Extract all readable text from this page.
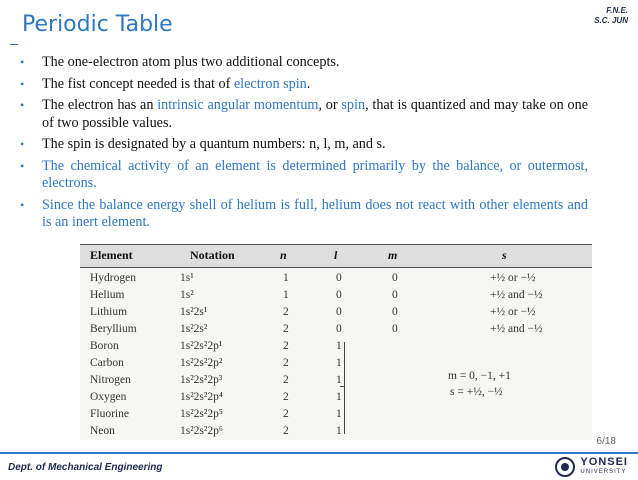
F.N.E.
S.C. JUN
Periodic Table
• The one-electron atom plus two additional concepts.
• The fist concept needed is that of electron spin.
• The electron has an intrinsic angular momentum, or spin, that is quantized and may take on one of two possible values.
• The spin is designated by a quantum numbers: n, l, m, and s.
• The chemical activity of an element is determined primarily by the balance, or outermost, electrons.
• Since the balance energy shell of helium is full, helium does not react with other elements and is an inert element.
Element	Notation	n	l	m	s
Hydrogen	1s¹	1	0	0	+½ or −½
Helium	1s²	1	0	0	+½ and −½
Lithium	1s²2s¹	2	0	0	+½ or −½
Beryllium	1s²2s²	2	0	0	+½ and −½
Boron	1s²2s²2p¹	2	1
Carbon	1s²2s²2p²	2	1
Nitrogen	1s²2s²2p³	2	1
Oxygen	1s²2s²2p⁴	2	1
Fluorine	1s²2s²2p⁵	2	1
Neon	1s²2s²2p⁶	2	1
m = 0, −1, +1
s = +½, −½
6/18
Dept. of Mechanical Engineering	YONSEI
UNIVERSITY
